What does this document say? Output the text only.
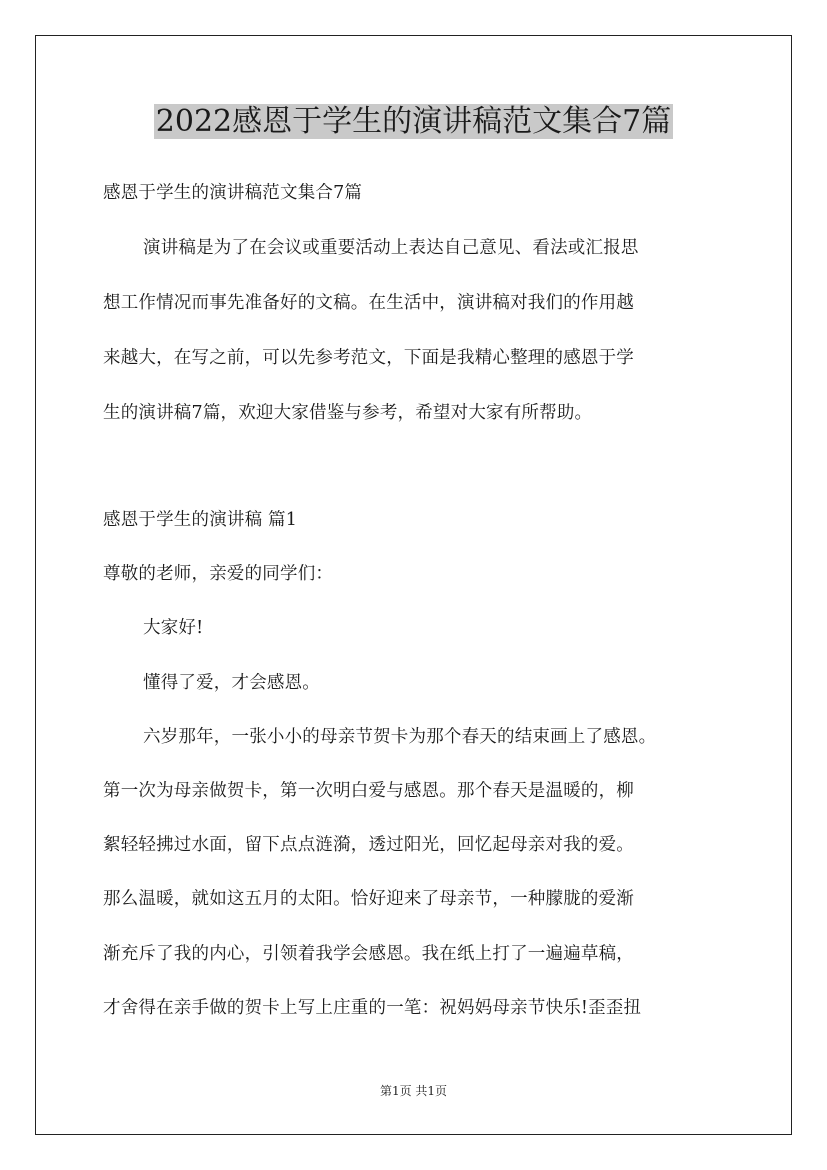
2022感恩于学生的演讲稿范文集合7篇
感恩于学生的演讲稿范文集合7篇
演讲稿是为了在会议或重要活动上表达自己意见、看法或汇报思
想工作情况而事先准备好的文稿。在生活中，演讲稿对我们的作用越
来越大，在写之前，可以先参考范文，下面是我精心整理的感恩于学
生的演讲稿7篇，欢迎大家借鉴与参考，希望对大家有所帮助。
感恩于学生的演讲稿 篇1
尊敬的老师，亲爱的同学们：
大家好!
懂得了爱，才会感恩。
六岁那年，一张小小的母亲节贺卡为那个春天的结束画上了感恩。
第一次为母亲做贺卡，第一次明白爱与感恩。那个春天是温暖的，柳
絮轻轻拂过水面，留下点点涟漪，透过阳光，回忆起母亲对我的爱。
那么温暖，就如这五月的太阳。恰好迎来了母亲节，一种朦胧的爱渐
渐充斥了我的内心，引领着我学会感恩。我在纸上打了一遍遍草稿，
才舍得在亲手做的贺卡上写上庄重的一笔：祝妈妈母亲节快乐!歪歪扭
第1页 共1页
